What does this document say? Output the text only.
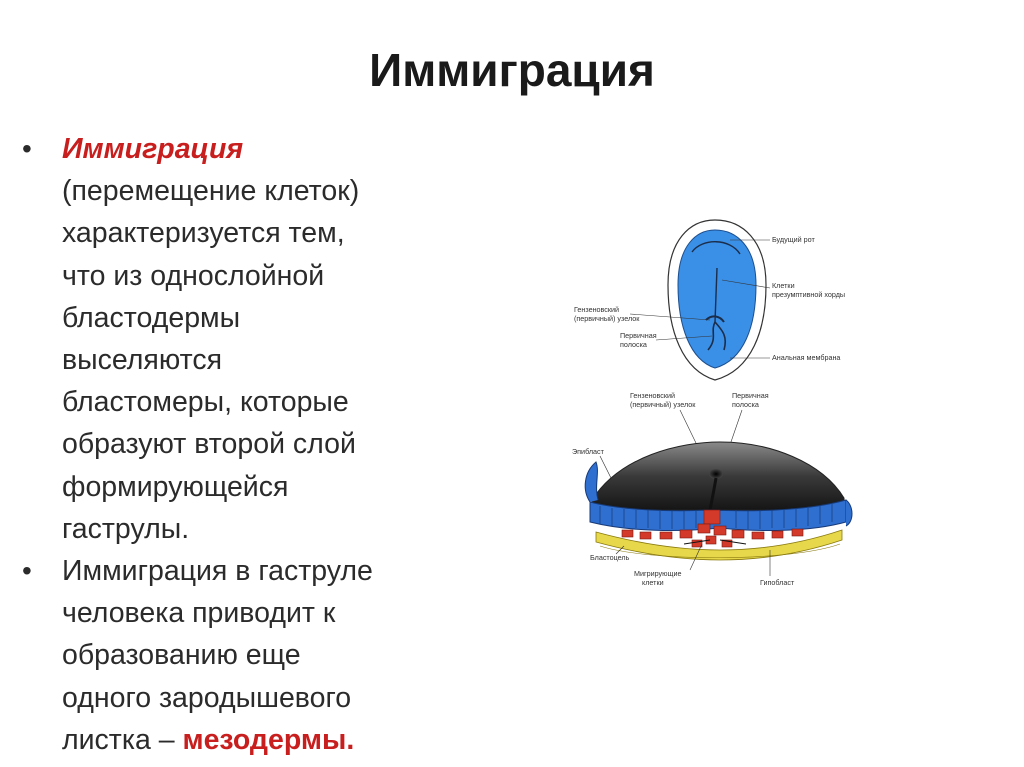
Иммиграция
• Иммиграция
(перемещение клеток)
характеризуется тем,
что из однослойной
бластодермы
выселяются
бластомеры, которые
образуют второй слой
формирующейся
гаструлы.
• Иммиграция в гаструле
человека приводит к
образованию еще
одного зародышевого
листка – мезодермы.
Будущий рот
Клетки
презумптивной хорды
Гензеновский
(первичный) узелок
Первичная
полоска
Анальная мембрана
Гензеновский
(первичный) узелок
Первичная
полоска
Эпибласт
Бластоцель
Мигрирующие
клетки	Гипобласт
